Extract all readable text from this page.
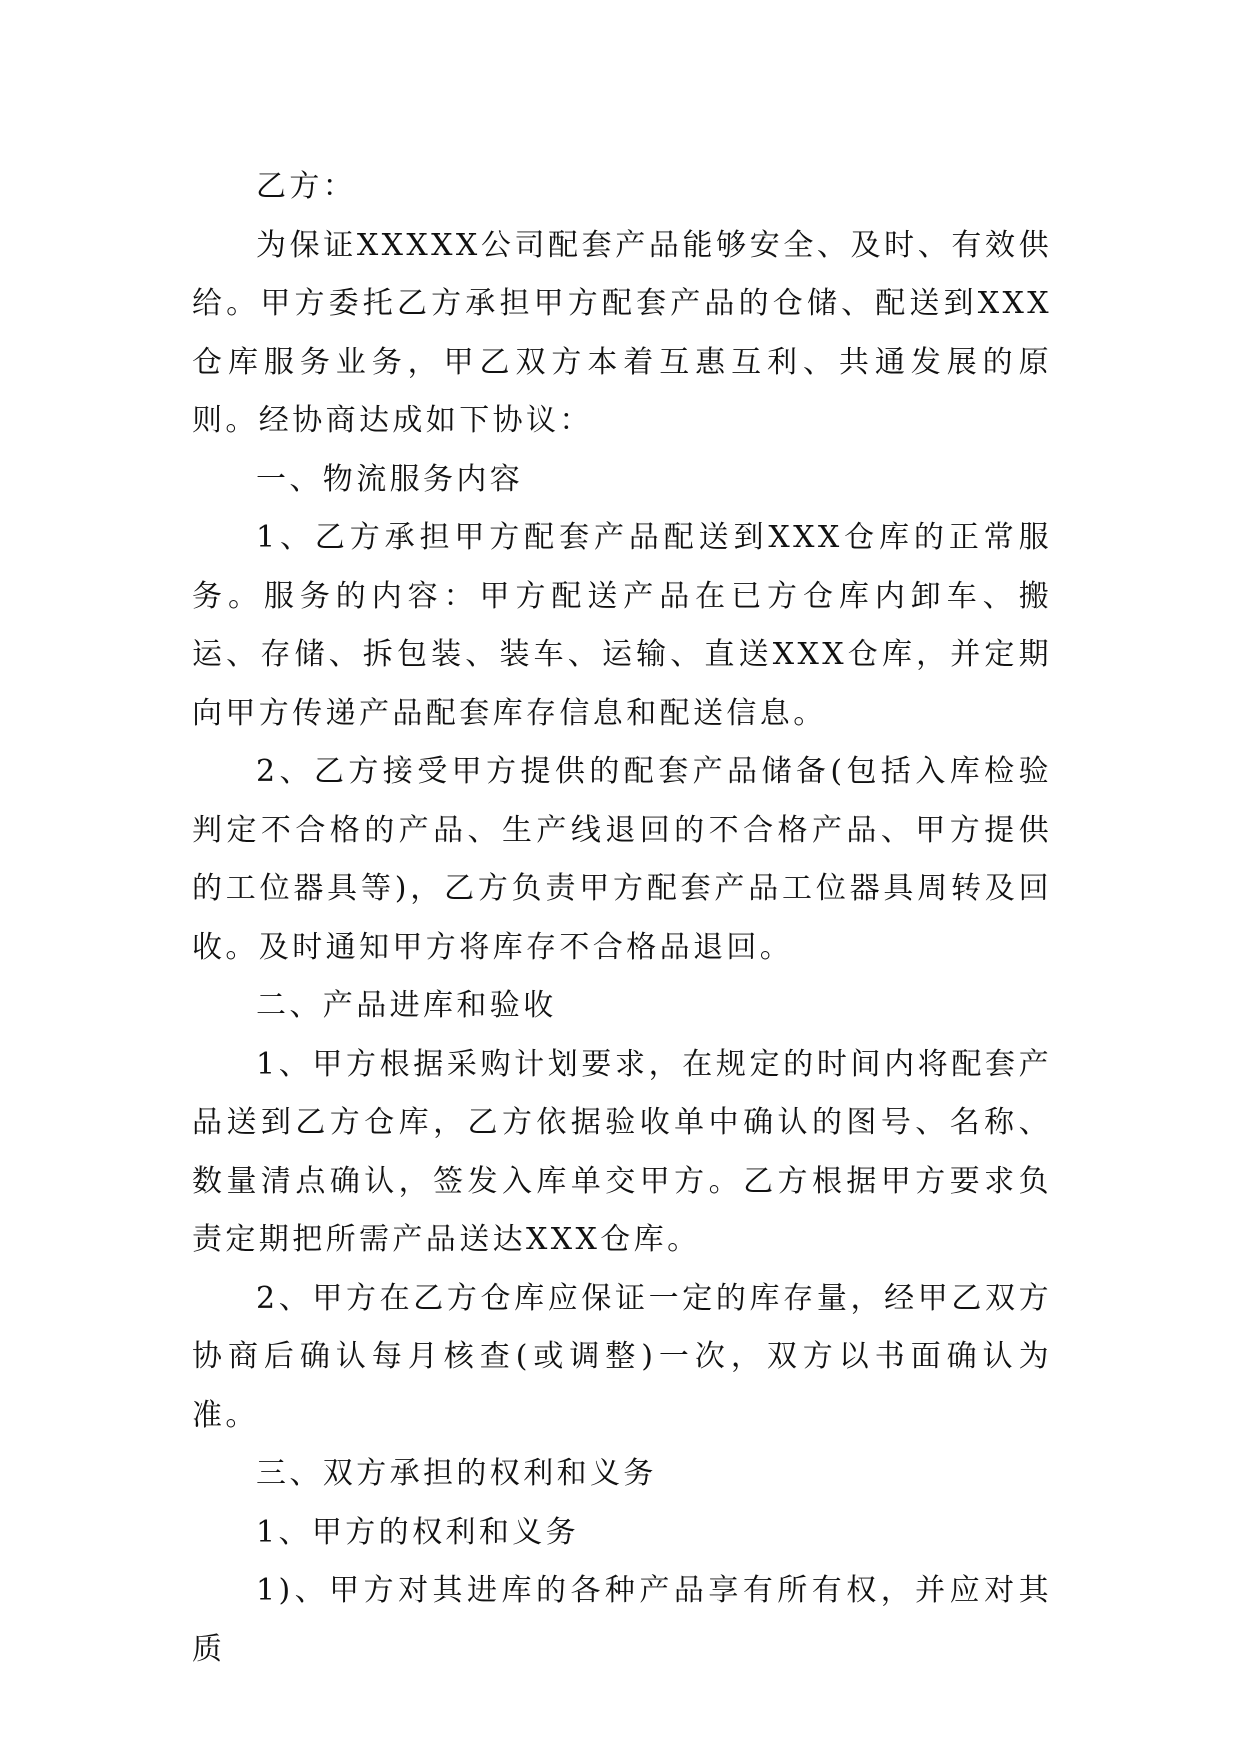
乙方：

为保证XXXXX公司配套产品能够安全、及时、有效供给。甲方委托乙方承担甲方配套产品的仓储、配送到XXX仓库服务业务，甲乙双方本着互惠互利、共通发展的原则。经协商达成如下协议：

一、物流服务内容

1、乙方承担甲方配套产品配送到XXX仓库的正常服务。服务的内容：甲方配送产品在已方仓库内卸车、搬运、存储、拆包装、装车、运输、直送XXX仓库，并定期向甲方传递产品配套库存信息和配送信息。

2、乙方接受甲方提供的配套产品储备(包括入库检验判定不合格的产品、生产线退回的不合格产品、甲方提供的工位器具等)，乙方负责甲方配套产品工位器具周转及回收。及时通知甲方将库存不合格品退回。

二、产品进库和验收

1、甲方根据采购计划要求，在规定的时间内将配套产品送到乙方仓库，乙方依据验收单中确认的图号、名称、数量清点确认，签发入库单交甲方。乙方根据甲方要求负责定期把所需产品送达XXX仓库。

2、甲方在乙方仓库应保证一定的库存量，经甲乙双方协商后确认每月核查(或调整)一次，双方以书面确认为准。

三、双方承担的权利和义务

1、甲方的权利和义务

1)、甲方对其进库的各种产品享有所有权，并应对其质
